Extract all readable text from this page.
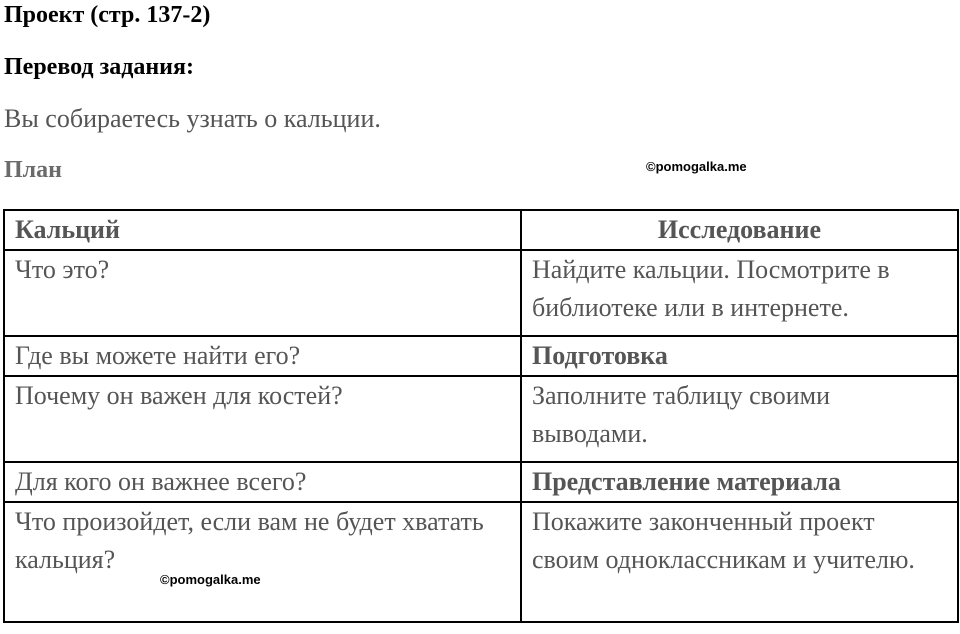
Проект (стр. 137-2)
Перевод задания:
Вы собираетесь узнать о кальции.
План	©pomogalka.me
Кальций	Исследование
Что это?	Найдите кальции. Посмотрите в библиотеке или в интернете.
Где вы можете найти его?	Подготовка
Почему он важен для костей?	Заполните таблицу своими выводами.
Для кого он важнее всего?	Представление материала
Что произойдет, если вам не будет хватать кальция?	Покажите законченный проект своим одноклассникам и учителю.
©pomogalka.me
